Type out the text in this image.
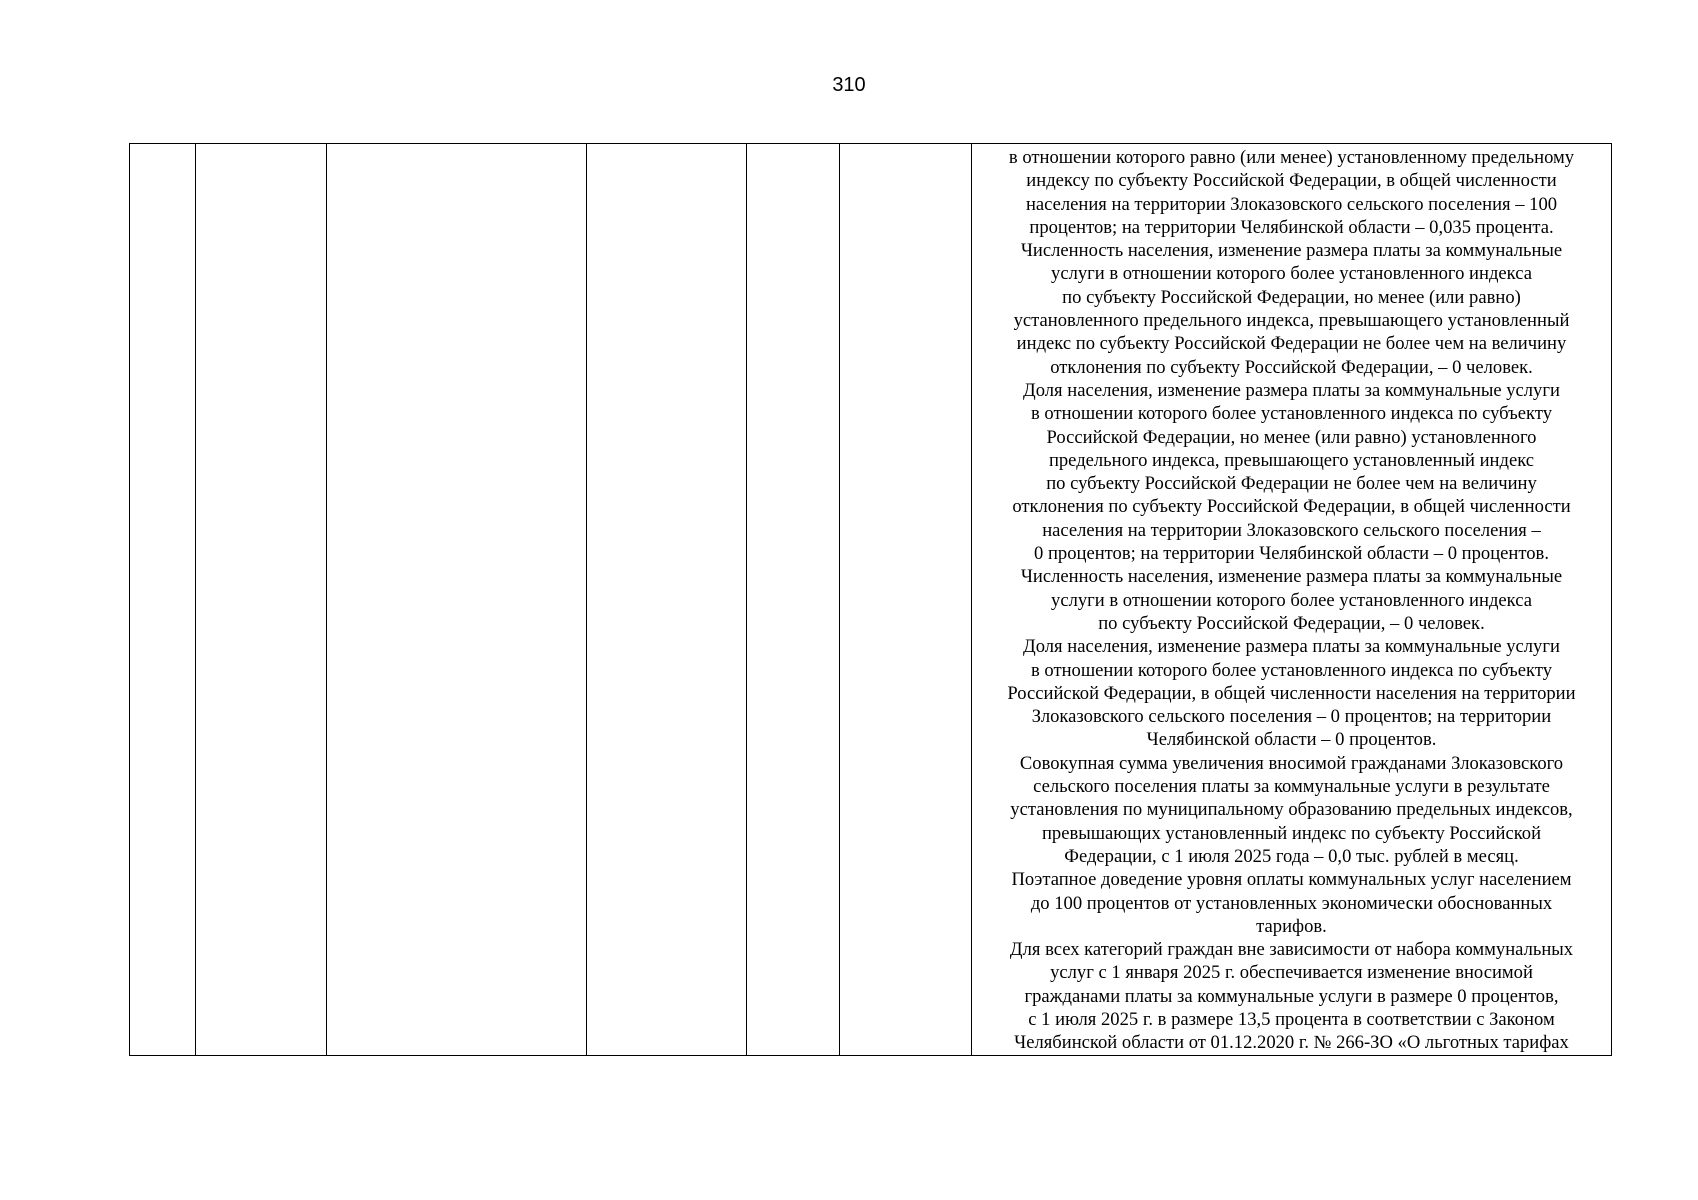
310

в отношении которого равно (или менее) установленному предельному
индексу по субъекту Российской Федерации, в общей численности
населения на территории Злоказовского сельского поселения – 100
процентов; на территории Челябинской области – 0,035 процента.
Численность населения, изменение размера платы за коммунальные
услуги в отношении которого более установленного индекса
по субъекту Российской Федерации, но менее (или равно)
установленного предельного индекса, превышающего установленный
индекс по субъекту Российской Федерации не более чем на величину
отклонения по субъекту Российской Федерации, – 0 человек.
Доля населения, изменение размера платы за коммунальные услуги
в отношении которого более установленного индекса по субъекту
Российской Федерации, но менее (или равно) установленного
предельного индекса, превышающего установленный индекс
по субъекту Российской Федерации не более чем на величину
отклонения по субъекту Российской Федерации, в общей численности
населения на территории Злоказовского сельского поселения –
0 процентов; на территории Челябинской области – 0 процентов.
Численность населения, изменение размера платы за коммунальные
услуги в отношении которого более установленного индекса
по субъекту Российской Федерации, – 0 человек.
Доля населения, изменение размера платы за коммунальные услуги
в отношении которого более установленного индекса по субъекту
Российской Федерации, в общей численности населения на территории
Злоказовского сельского поселения – 0 процентов; на территории
Челябинской области – 0 процентов.
Совокупная сумма увеличения вносимой гражданами Злоказовского
сельского поселения платы за коммунальные услуги в результате
установления по муниципальному образованию предельных индексов,
превышающих установленный индекс по субъекту Российской
Федерации, с 1 июля 2025 года – 0,0 тыс. рублей в месяц.
Поэтапное доведение уровня оплаты коммунальных услуг населением
до 100 процентов от установленных экономически обоснованных
тарифов.
Для всех категорий граждан вне зависимости от набора коммунальных
услуг с 1 января 2025 г. обеспечивается изменение вносимой
гражданами платы за коммунальные услуги в размере 0 процентов,
с 1 июля 2025 г. в размере 13,5 процента в соответствии с Законом
Челябинской области от 01.12.2020 г. № 266-ЗО «О льготных тарифах
